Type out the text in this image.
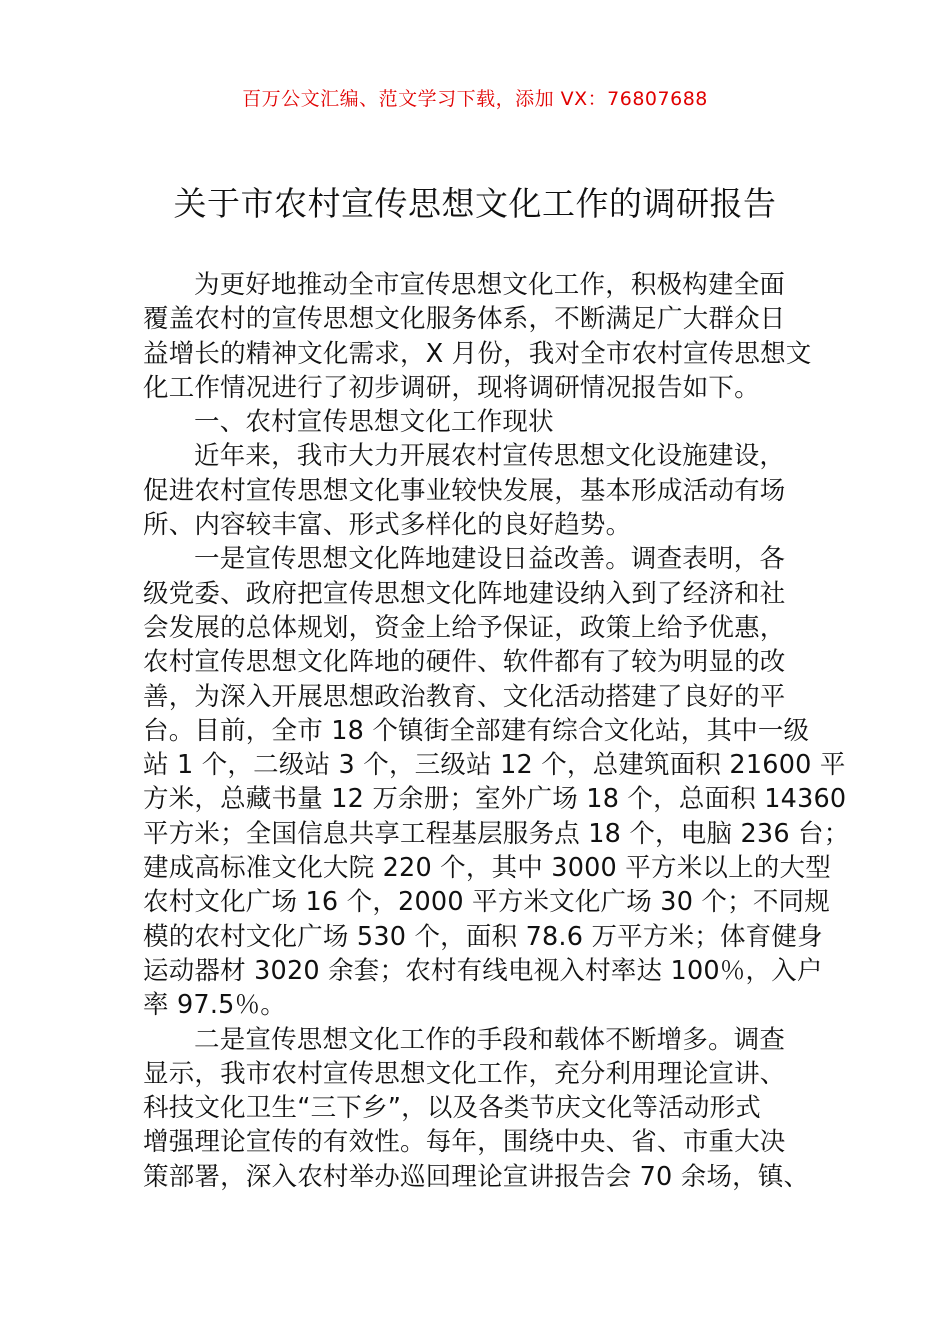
百万公文汇编、范文学习下载，添加 VX：76807688
关于市农村宣传思想文化工作的调研报告
为更好地推动全市宣传思想文化工作，积极构建全面
覆盖农村的宣传思想文化服务体系，不断满足广大群众日
益增长的精神文化需求，X 月份，我对全市农村宣传思想文
化工作情况进行了初步调研，现将调研情况报告如下。
一、农村宣传思想文化工作现状
近年来，我市大力开展农村宣传思想文化设施建设，
促进农村宣传思想文化事业较快发展，基本形成活动有场
所、内容较丰富、形式多样化的良好趋势。
一是宣传思想文化阵地建设日益改善。调查表明，各
级党委、政府把宣传思想文化阵地建设纳入到了经济和社
会发展的总体规划，资金上给予保证，政策上给予优惠，
农村宣传思想文化阵地的硬件、软件都有了较为明显的改
善，为深入开展思想政治教育、文化活动搭建了良好的平
台。目前，全市 18 个镇街全部建有综合文化站，其中一级
站 1 个，二级站 3 个，三级站 12 个，总建筑面积 21600 平
方米，总藏书量 12 万余册；室外广场 18 个，总面积 14360
平方米；全国信息共享工程基层服务点 18 个，电脑 236 台；
建成高标准文化大院 220 个，其中 3000 平方米以上的大型
农村文化广场 16 个，2000 平方米文化广场 30 个；不同规
模的农村文化广场 530 个，面积 78.6 万平方米；体育健身
运动器材 3020 余套；农村有线电视入村率达 100％，入户
率 97.5％。
二是宣传思想文化工作的手段和载体不断增多。调查
显示，我市农村宣传思想文化工作，充分利用理论宣讲、
科技文化卫生“三下乡”，以及各类节庆文化等活动形式
增强理论宣传的有效性。每年，围绕中央、省、市重大决
策部署，深入农村举办巡回理论宣讲报告会 70 余场，镇、
